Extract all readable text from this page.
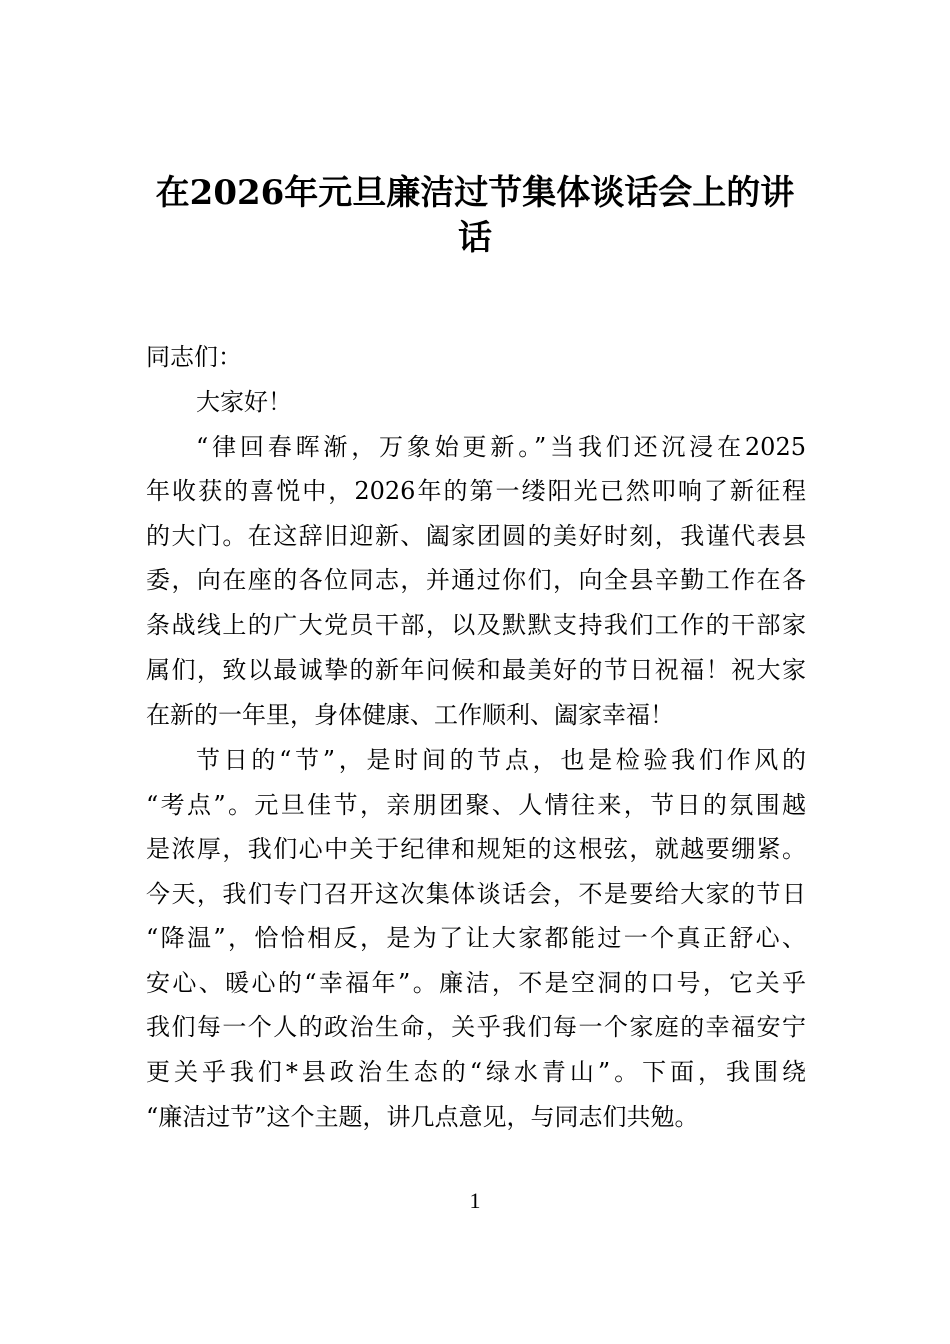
在2026年元旦廉洁过节集体谈话会上的讲
话
同志们：
大家好！
“律回春晖渐，万象始更新。”当我们还沉浸在2025
年收获的喜悦中，2026年的第一缕阳光已然叩响了新征程
的大门。在这辞旧迎新、阖家团圆的美好时刻，我谨代表县
委，向在座的各位同志，并通过你们，向全县辛勤工作在各
条战线上的广大党员干部，以及默默支持我们工作的干部家
属们，致以最诚挚的新年问候和最美好的节日祝福！祝大家
在新的一年里，身体健康、工作顺利、阖家幸福！
节日的“节”，是时间的节点，也是检验我们作风的
“考点”。元旦佳节，亲朋团聚、人情往来，节日的氛围越
是浓厚，我们心中关于纪律和规矩的这根弦，就越要绷紧。
今天，我们专门召开这次集体谈话会，不是要给大家的节日
“降温”，恰恰相反，是为了让大家都能过一个真正舒心、
安心、暖心的“幸福年”。廉洁，不是空洞的口号，它关乎
我们每一个人的政治生命，关乎我们每一个家庭的幸福安宁
更关乎我们*县政治生态的“绿水青山”。下面，我围绕
“廉洁过节”这个主题，讲几点意见，与同志们共勉。
1
